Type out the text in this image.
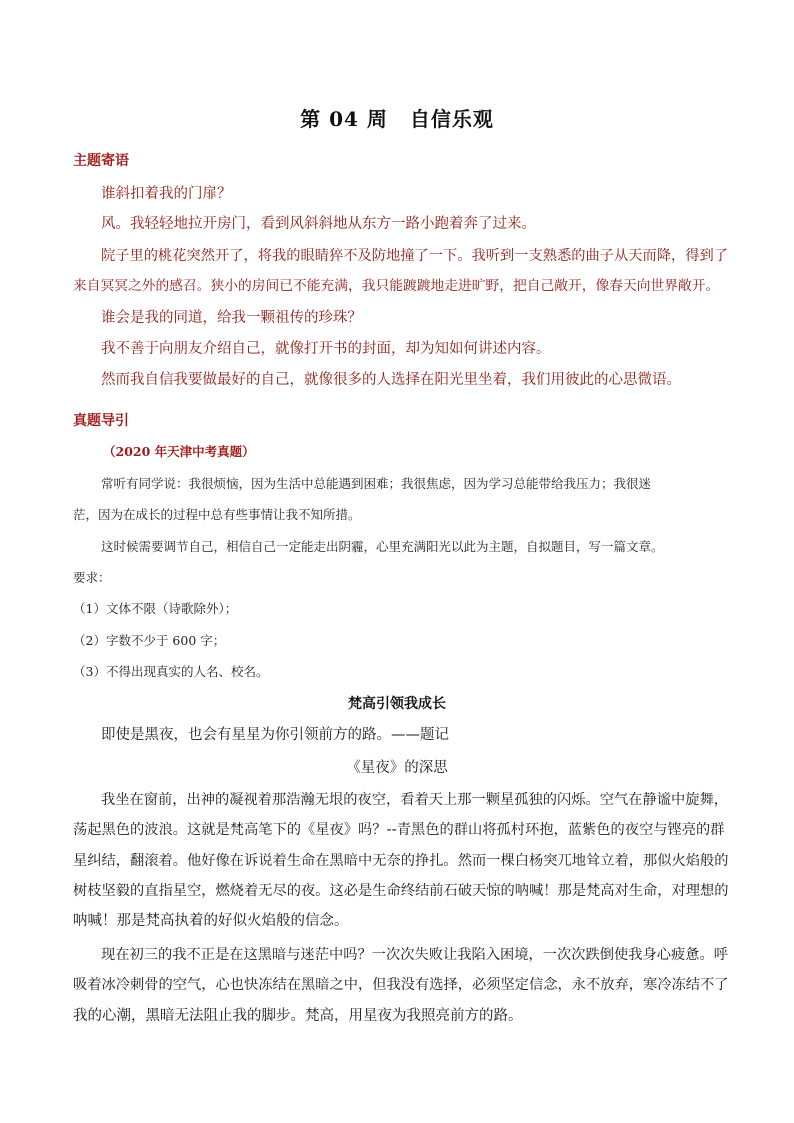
第 04 周 自信乐观
主题寄语
谁斜扣着我的门扉？
风。我轻轻地拉开房门，看到风斜斜地从东方一路小跑着奔了过来。
院子里的桃花突然开了，将我的眼睛猝不及防地撞了一下。我听到一支熟悉的曲子从天而降，得到了
来自冥冥之外的感召。狭小的房间已不能充满，我只能踱踱地走进旷野，把自己敞开，像春天向世界敞开。
谁会是我的同道，给我一颗祖传的珍珠？
我不善于向朋友介绍自己，就像打开书的封面，却为知如何讲述内容。
然而我自信我要做最好的自己，就像很多的人选择在阳光里坐着，我们用彼此的心思微语。
真题导引
（2020 年天津中考真题）
常听有同学说：我很烦恼，因为生活中总能遇到困难；我很焦虑，因为学习总能带给我压力；我很迷
茫，因为在成长的过程中总有些事情让我不知所措。
这时候需要调节自己，相信自己一定能走出阴霾，心里充满阳光以此为主题，自拟题目，写一篇文章。
要求：
（1）文体不限（诗歌除外）；
（2）字数不少于 600 字；
（3）不得出现真实的人名、校名。
梵高引领我成长
即使是黑夜，也会有星星为你引领前方的路。——题记
《星夜》的深思
我坐在窗前，出神的凝视着那浩瀚无垠的夜空，看着天上那一颗星孤独的闪烁。空气在静谧中旋舞，
荡起黑色的波浪。这就是梵高笔下的《星夜》吗？--青黑色的群山将孤村环抱，蓝紫色的夜空与铿亮的群
星纠结，翻滚着。他好像在诉说着生命在黑暗中无奈的挣扎。然而一棵白杨突兀地耸立着，那似火焰般的
树枝坚毅的直指星空，燃烧着无尽的夜。这必是生命终结前石破天惊的呐喊！那是梵高对生命，对理想的
呐喊！那是梵高执着的好似火焰般的信念。
现在初三的我不正是在这黑暗与迷茫中吗？一次次失败让我陷入困境，一次次跌倒使我身心疲惫。呼
吸着冰冷刺骨的空气，心也快冻结在黑暗之中，但我没有选择，必须坚定信念，永不放弃，寒冷冻结不了
我的心潮，黑暗无法阻止我的脚步。梵高，用星夜为我照亮前方的路。
